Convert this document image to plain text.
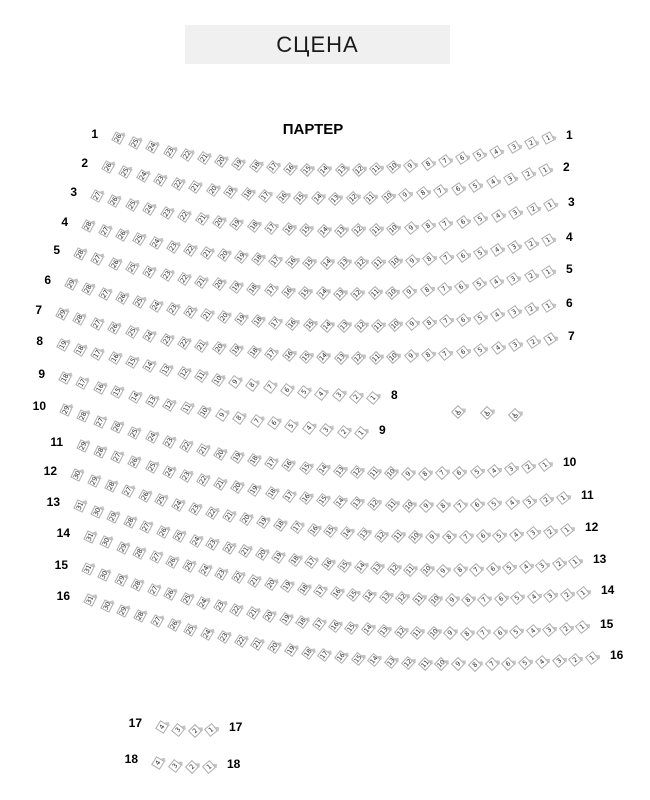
СЦЕНА
ПАРТЕР
26 25 24 23 22 21 20 19 18 17 16 15 14 13 12 11 10	9	8	7	6	5	4	3
2
1
1	1
26 25 24 23 22 21 20 19 18 17 16 15 14 13 12 11 10	9	8	7	6	5	4	3	2
1
2	2
27 26 25 24 23 22 21 20 19 18 17 16 15 14 13 12 11 10	9	8	7	6	5	4	3	2	1
3
3
28 27 26 25 24 23 22 21 20 19 18 17 16 15 14 13 12 11 10	9	8	7	6	5	4	3	2	1
4
4
28 27 26 25 24 23 22 21 20 19 18 17 16 15 14 13 12 11 10	9	8	7	6	5	4	3	2	1
5
5
29 28 27 26 25 24 23 22 21 20 19 18 17 16 15 14 13 12 11 10	9	8	7	6	5	4	3	2	1
6
6
29 28 27 26 25 24 23 22 21 20 19 18 17 16 15 14 13 12 11 10	9	8	7	6	5	4	3	2	1
7
7
19 18 17 16 15 14 13 12 11 10	9	8	7	6	5	4	3	2	1
8
8
18 17 16 15 14 13 12 11 10	9	8	7	6	5	4	3	2	1
9
9
29
28
27
26 25 24 23 22 21 20 19 18 17 16 15 14 13 12 11 10	9	8	7	6	5	4	3	2	1
10
10
29
28
27 26 25 24 23 22 21 20 19 18 17 16 15 14 13 12 11 10	9	8	7	6	5	4	3	2	1
11
11
30
29
28 27 26 25 24 23 22 21 20 19 18 17 16 15 14 13 12 11 10	9	8	7	6	5	4	3	2	1
12
12
31
30
29 28 27 26 25 24 23 22 21 20 19 18 17 16 15 14 13 12 11 10	9	8	7	6	5	4	3	2	1
13
13
31
30 29 28 27 26 25 24 23 22 21 20 19 18 17 16 15 14 13 12 11 10	9	8	7	6	5	4	3	2	1
14
14
31
30
29 28 27 26 25 24 23 22 21 20 19 18 17 16 15 14 13 12 11 10	9	8	7	6	5	4	3	2	1
15
15
31
30
29 28 27 26 25 24 23 22 21 20 19 18 17 16 15 14 13 12 11 10	9	8	7	6	5	4	3	2	1
16
16
4	3	2	1
17	17
4	3	2	1
18	18
♿ ♿ ♿
